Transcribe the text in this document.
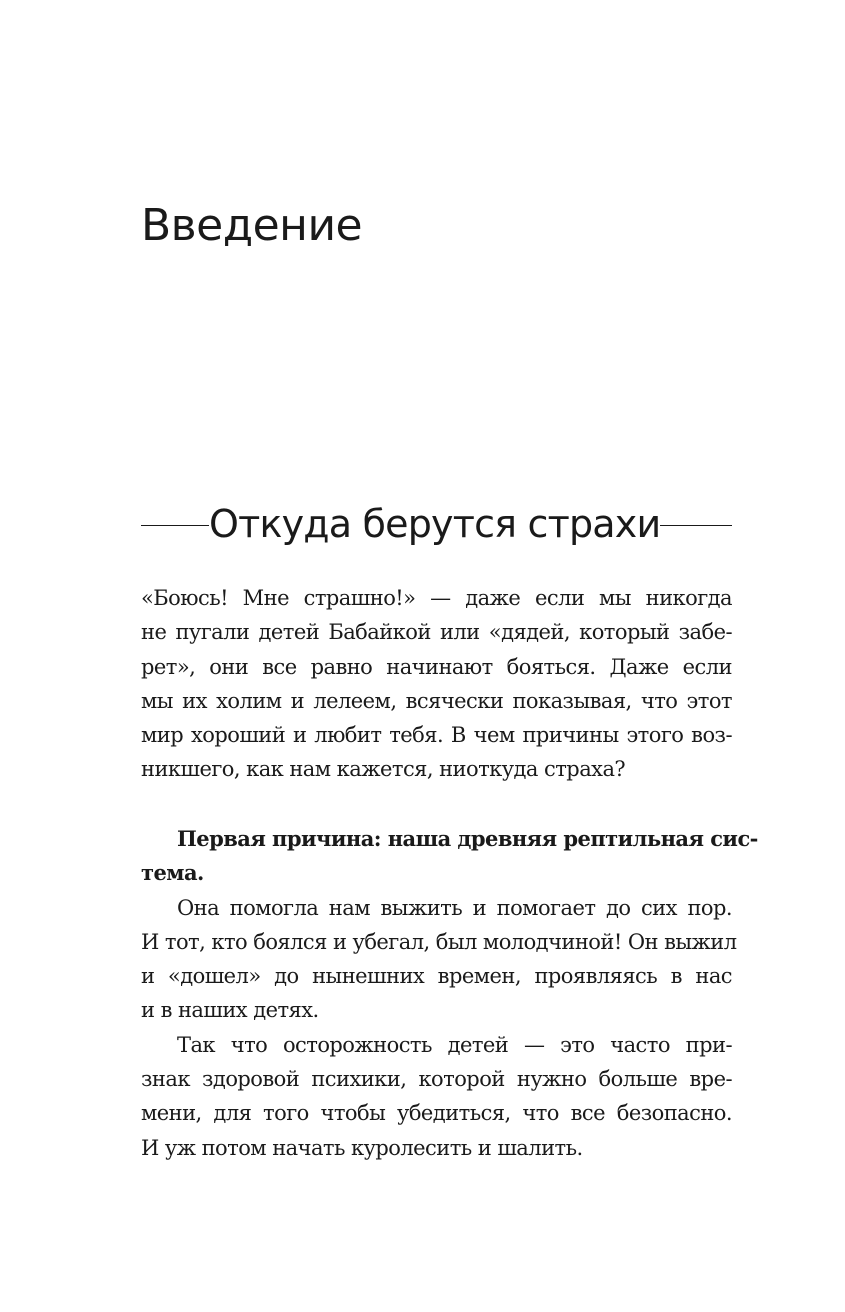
Введение
Откуда берутся страхи
«Боюсь! Мне страшно!» — даже если мы никогда
не пугали детей Бабайкой или «дядей, который забе-
рет», они все равно начинают бояться. Даже если
мы их холим и лелеем, всячески показывая, что этот
мир хороший и любит тебя. В чем причины этого воз-
никшего, как нам кажется, ниоткуда страха?
Первая причина: наша древняя рептильная сис-
тема.
Она помогла нам выжить и помогает до сих пор.
И тот, кто боялся и убегал, был молодчиной! Он выжил
и «дошел» до нынешних времен, проявляясь в нас
и в наших детях.
Так что осторожность детей — это часто при-
знак здоровой психики, которой нужно больше вре-
мени, для того чтобы убедиться, что все безопасно.
И уж потом начать куролесить и шалить.
